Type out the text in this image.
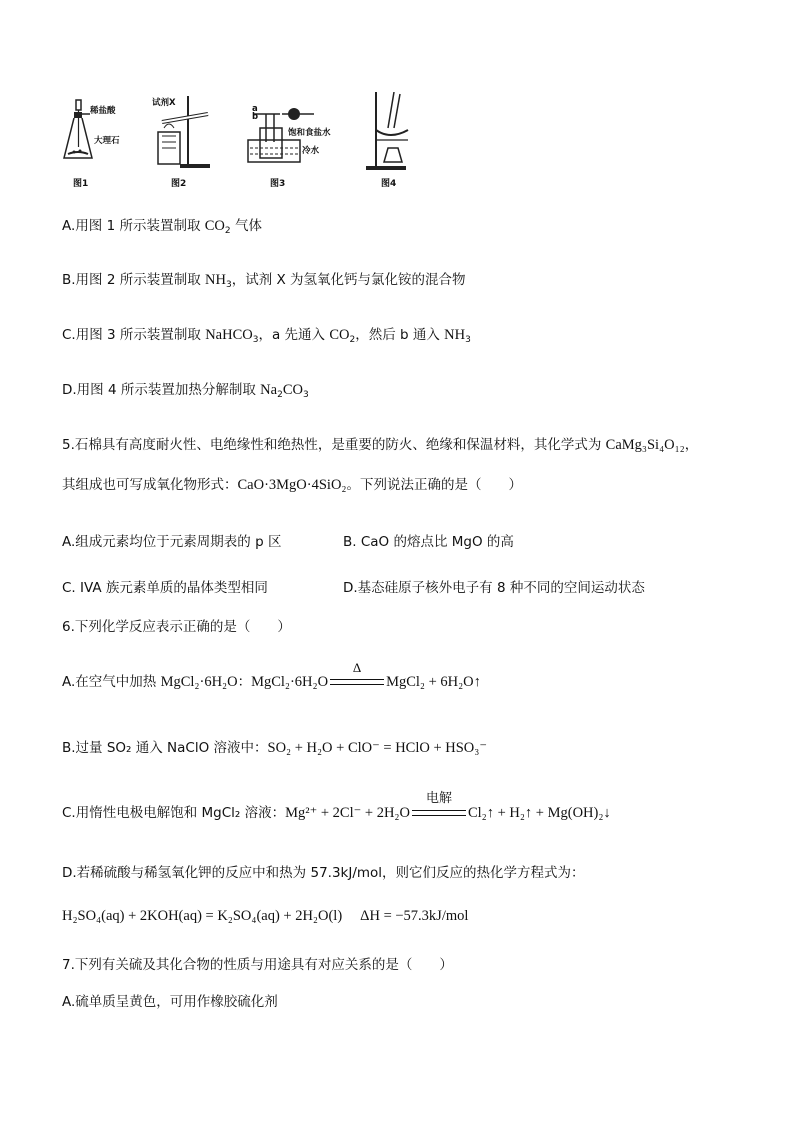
稀盐酸
大理石
图1
试剂X
图2
a
b
饱和食盐水
冷水
图3	图4
A.用图 1 所示装置制取 $CO_2$ 气体
B.用图 2 所示装置制取 $NH_3$，试剂 X 为氢氧化钙与氯化铵的混合物
C.用图 3 所示装置制取 NaHCO$_3$，a 先通入 $CO_2$，然后 b 通入 $NH_3$
D.用图 4 所示装置加热分解制取 $Na_2CO_3$
5.石棉具有高度耐火性、电绝缘性和绝热性，是重要的防火、绝缘和保温材料，其化学式为 CaMg₃Si₄O₁₂，
其组成也可写成氧化物形式：CaO·3MgO·4SiO₂。下列说法正确的是（　　）
A.组成元素均位于元素周期表的 p 区	B. CaO 的熔点比 MgO 的高
C. ⅠVA 族元素单质的晶体类型相同	D.基态硅原子核外电子有 8 种不同的空间运动状态
6.下列化学反应表示正确的是（　　）
A.在空气中加热 MgCl₂·6H₂O：MgCl₂·6H₂O
Δ
MgCl₂ + 6H₂O↑
B.过量 SO₂ 通入 NaClO 溶液中：SO₂ + H₂O + ClO⁻ = HClO + HSO₃⁻
C.用惰性电极电解饱和 MgCl₂ 溶液：Mg²⁺ + 2Cl⁻ + 2H₂O
电解
Cl₂↑ + H₂↑ + Mg(OH)₂↓
D.若稀硫酸与稀氢氧化钾的反应中和热为 57.3kJ/mol，则它们反应的热化学方程式为：
H₂SO₄(aq) + 2KOH(aq) = K₂SO₄(aq) + 2H₂O(l) ΔH = −57.3kJ/mol
7.下列有关硫及其化合物的性质与用途具有对应关系的是（　　）
A.硫单质呈黄色，可用作橡胶硫化剂
